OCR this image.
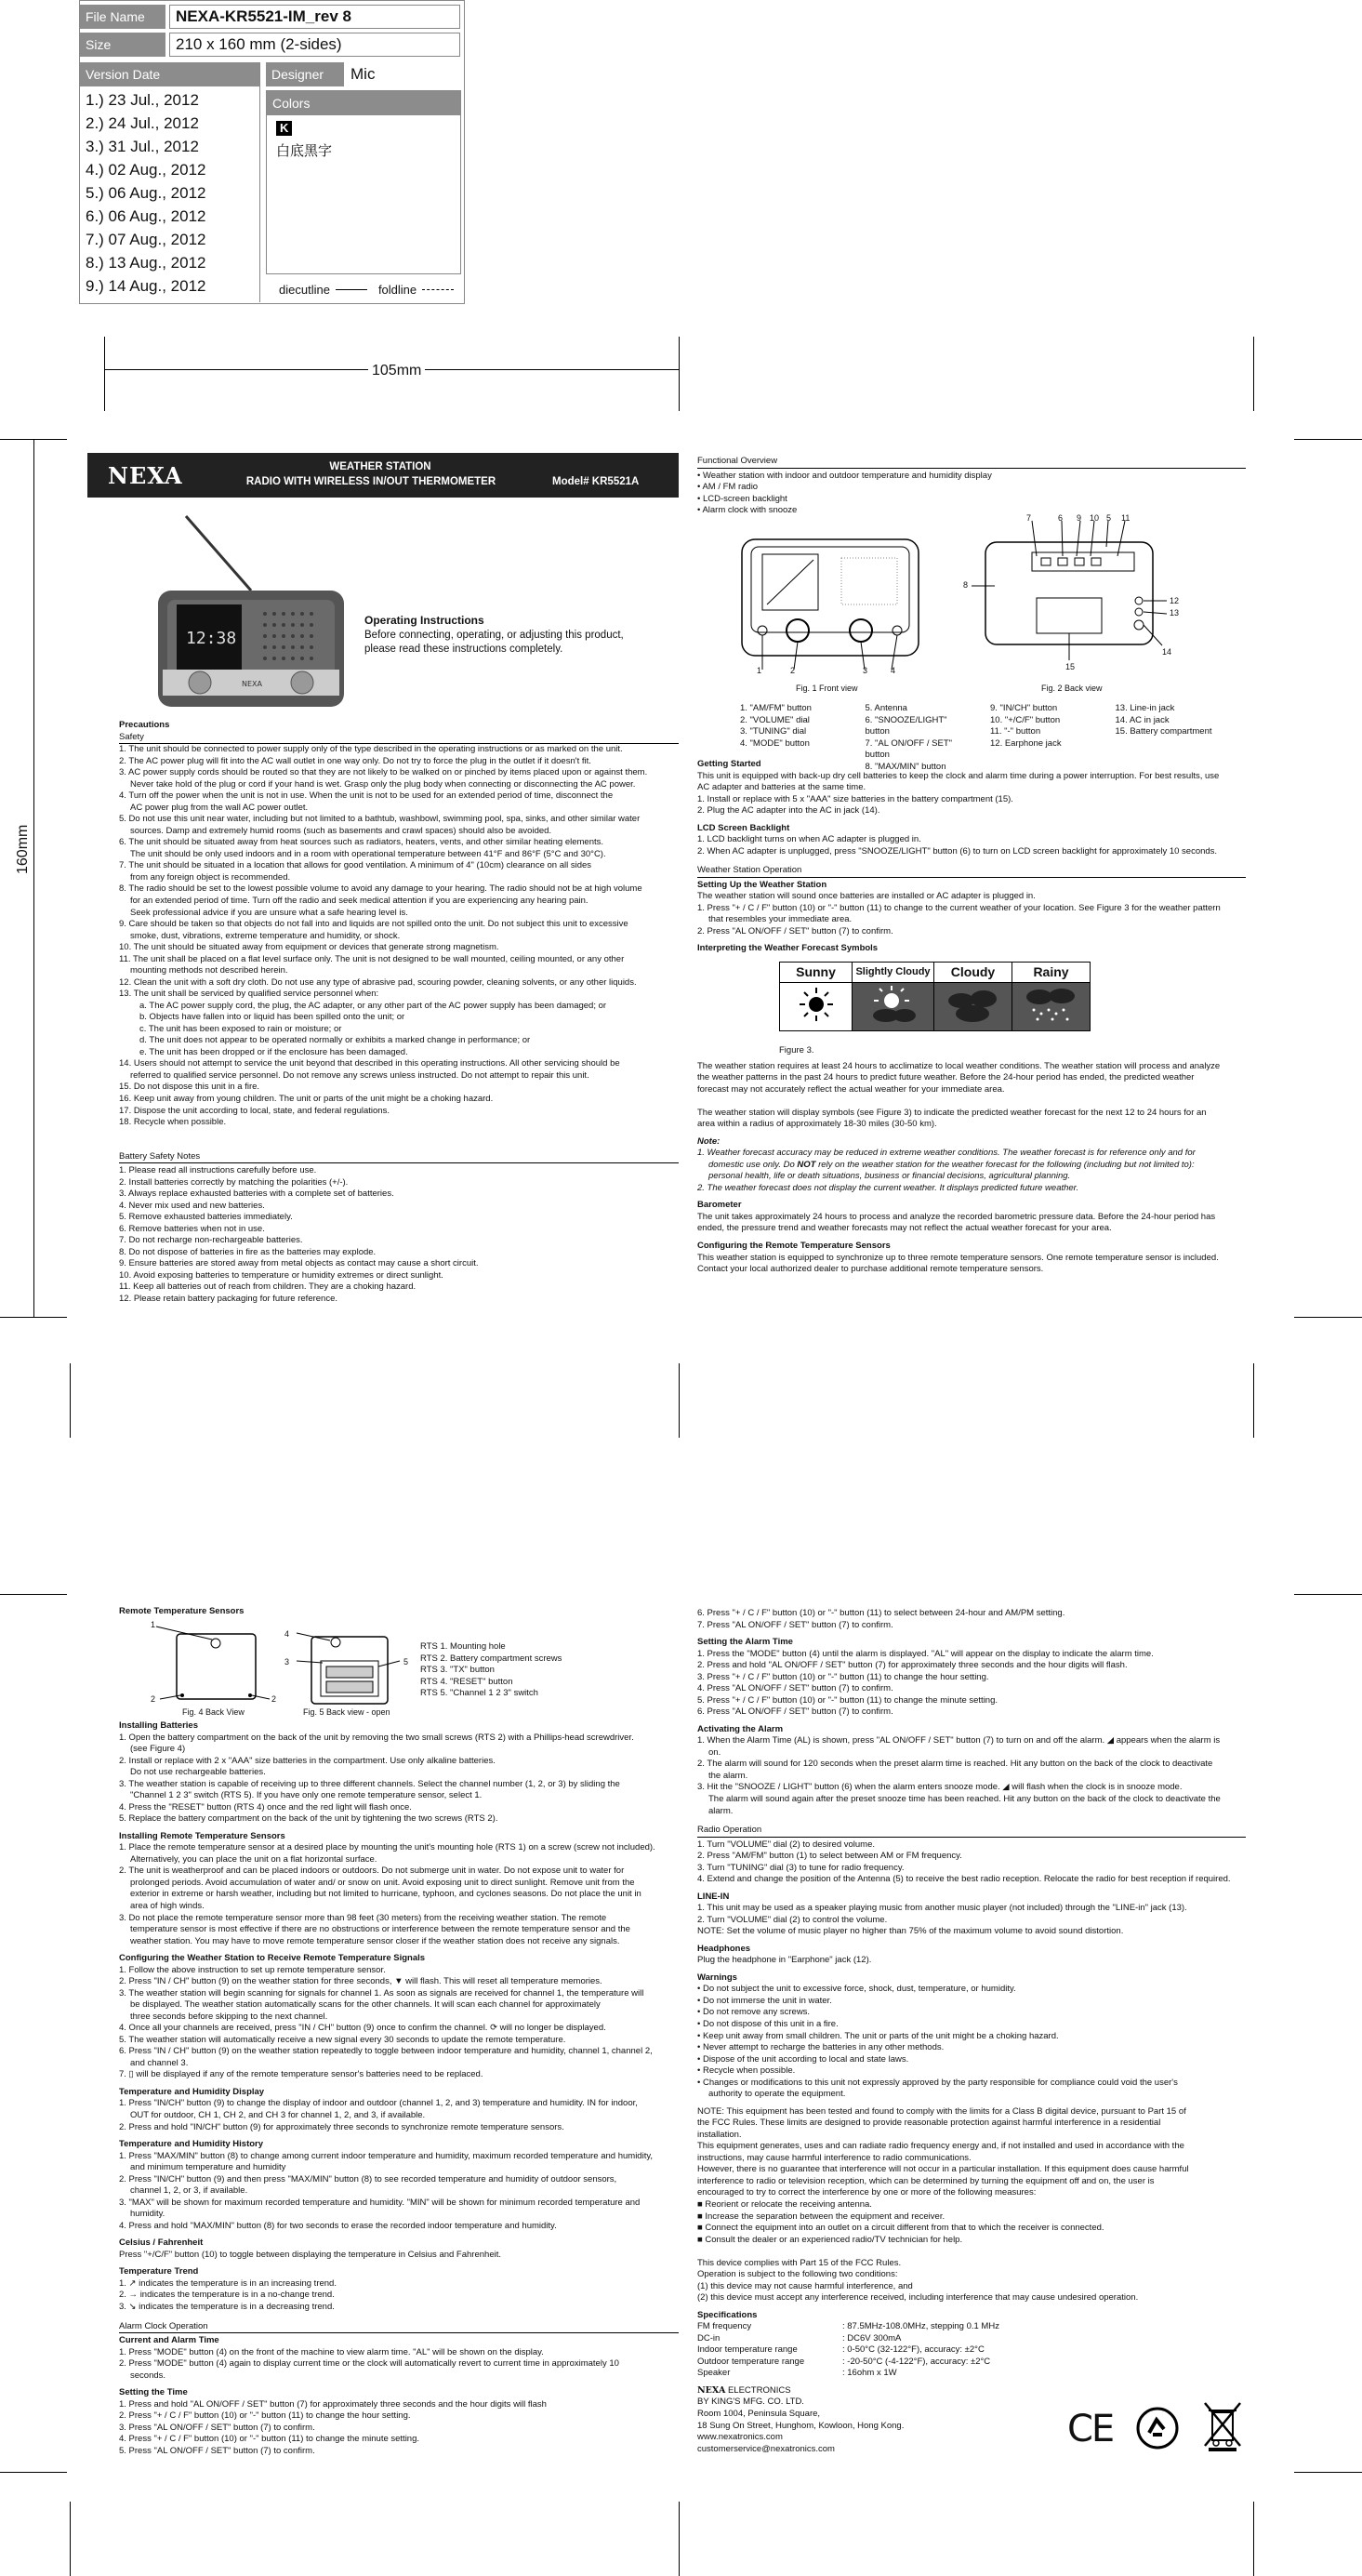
File Name	NEXA-KR5521-IM_rev 8
Size	210 x 160 mm (2-sides)
Version Date
1.) 23 Jul., 2012
2.) 24 Jul., 2012
3.) 31 Jul., 2012
4.) 02 Aug., 2012
5.) 06 Aug., 2012
6.) 06 Aug., 2012
7.) 07 Aug., 2012
8.) 13 Aug., 2012
9.) 14 Aug., 2012
Designer	Mic
Colors
K
白底黑字
diecutline	foldline
105mm
160mm
NEXA	WEATHER STATION
RADIO WITH WIRELESS IN/OUT THERMOMETER	Model# KR5521A
12:38
NEXA
Operating Instructions
Before connecting, operating, or adjusting this product,
please read these instructions completely.
Precautions
Safety
1. The unit should be connected to power supply only of the type described in the operating instructions or as marked on the unit.
2. The AC power plug will fit into the AC wall outlet in one way only. Do not try to force the plug in the outlet if it doesn't fit.
3. AC power supply cords should be routed so that they are not likely to be walked on or pinched by items placed upon or against them.
Never take hold of the plug or cord if your hand is wet. Grasp only the plug body when connecting or disconnecting the AC power.
4. Turn off the power when the unit is not in use. When the unit is not to be used for an extended period of time, disconnect the
AC power plug from the wall AC power outlet.
5. Do not use this unit near water, including but not limited to a bathtub, washbowl, swimming pool, spa, sinks, and other similar water
sources. Damp and extremely humid rooms (such as basements and crawl spaces) should also be avoided.
6. The unit should be situated away from heat sources such as radiators, heaters, vents, and other similar heating elements.
The unit should be only used indoors and in a room with operational temperature between 41°F and 86°F (5°C and 30°C).
7. The unit should be situated in a location that allows for good ventilation. A minimum of 4" (10cm) clearance on all sides
from any foreign object is recommended.
8. The radio should be set to the lowest possible volume to avoid any damage to your hearing. The radio should not be at high volume
for an extended period of time. Turn off the radio and seek medical attention if you are experiencing any hearing pain.
Seek professional advice if you are unsure what a safe hearing level is.
9. Care should be taken so that objects do not fall into and liquids are not spilled onto the unit. Do not subject this unit to excessive
smoke, dust, vibrations, extreme temperature and humidity, or shock.
10. The unit should be situated away from equipment or devices that generate strong magnetism.
11. The unit shall be placed on a flat level surface only. The unit is not designed to be wall mounted, ceiling mounted, or any other
mounting methods not described herein.
12. Clean the unit with a soft dry cloth. Do not use any type of abrasive pad, scouring powder, cleaning solvents, or any other liquids.
13. The unit shall be serviced by qualified service personnel when:
a. The AC power supply cord, the plug, the AC adapter, or any other part of the AC power supply has been damaged; or
b. Objects have fallen into or liquid has been spilled onto the unit; or
c. The unit has been exposed to rain or moisture; or
d. The unit does not appear to be operated normally or exhibits a marked change in performance; or
e. The unit has been dropped or if the enclosure has been damaged.
14. Users should not attempt to service the unit beyond that described in this operating instructions. All other servicing should be
referred to qualified service personnel. Do not remove any screws unless instructed. Do not attempt to repair this unit.
15. Do not dispose this unit in a fire.
16. Keep unit away from young children. The unit or parts of the unit might be a choking hazard.
17. Dispose the unit according to local, state, and federal regulations.
18. Recycle when possible.
Battery Safety Notes
1. Please read all instructions carefully before use.
2. Install batteries correctly by matching the polarities (+/-).
3. Always replace exhausted batteries with a complete set of batteries.
4. Never mix used and new batteries.
5. Remove exhausted batteries immediately.
6. Remove batteries when not in use.
7. Do not recharge non-rechargeable batteries.
8. Do not dispose of batteries in fire as the batteries may explode.
9. Ensure batteries are stored away from metal objects as contact may cause a short circuit.
10. Avoid exposing batteries to temperature or humidity extremes or direct sunlight.
11. Keep all batteries out of reach from children. They are a choking hazard.
12. Please retain battery packaging for future reference.
Functional Overview
• Weather station with indoor and outdoor temperature and humidity display
• AM / FM radio
• LCD-screen backlight
• Alarm clock with snooze
1	2	3	4
Fig. 1 Front view
7	6 9 10 5 11
8
12
13
14
15
Fig. 2 Back view
1. "AM/FM" button
2. "VOLUME" dial
3. "TUNING" dial
4. "MODE" button
5. Antenna
6. "SNOOZE/LIGHT" button
7. "AL ON/OFF / SET" button
8. "MAX/MIN" button
9. "IN/CH" button
10. "+/C/F" button
11. "-" button
12. Earphone jack
13. Line-in jack
14. AC in jack
15. Battery compartment
Getting Started
This unit is equipped with back-up dry cell batteries to keep the clock and alarm time during a power interruption. For best results, use
AC adapter and batteries at the same time.
1. Install or replace with 5 x "AAA" size batteries in the battery compartment (15).
2. Plug the AC adapter into the AC in jack (14).
LCD Screen Backlight
1. LCD backlight turns on when AC adapter is plugged in.
2. When AC adapter is unplugged, press "SNOOZE/LIGHT" button (6) to turn on LCD screen backlight for approximately 10 seconds.
Weather Station Operation
Setting Up the Weather Station
The weather station will sound once batteries are installed or AC adapter is plugged in.
1. Press "+ / C / F" button (10) or "-" button (11) to change to the current weather of your location. See Figure 3 for the weather pattern
that resembles your immediate area.
2. Press "AL ON/OFF / SET" button (7) to confirm.
Interpreting the Weather Forecast Symbols
Sunny	Slightly Cloudy	Cloudy	Rainy

Figure 3.
The weather station requires at least 24 hours to acclimatize to local weather conditions. The weather station will process and analyze
the weather patterns in the past 24 hours to predict future weather. Before the 24-hour period has ended, the predicted weather
forecast may not accurately reflect the actual weather for your immediate area.

The weather station will display symbols (see Figure 3) to indicate the predicted weather forecast for the next 12 to 24 hours for an
area within a radius of approximately 18-30 miles (30-50 km).
Note:
1. Weather forecast accuracy may be reduced in extreme weather conditions. The weather forecast is for reference only and for
domestic use only. Do NOT rely on the weather station for the weather forecast for the following (including but not limited to):
personal health, life or death situations, business or financial decisions, agricultural planning.
2. The weather forecast does not display the current weather. It displays predicted future weather.
Barometer
The unit takes approximately 24 hours to process and analyze the recorded barometric pressure data. Before the 24-hour period has
ended, the pressure trend and weather forecasts may not reflect the actual weather forecast for your area.
Configuring the Remote Temperature Sensors
This weather station is equipped to synchronize up to three remote temperature sensors. One remote temperature sensor is included.
Contact your local authorized dealer to purchase additional remote temperature sensors.
Remote Temperature Sensors
1
2	2
Fig. 4 Back View
4
3	5
Fig. 5 Back view - open
RTS 1. Mounting hole
RTS 2. Battery compartment screws
RTS 3. "TX" button
RTS 4. "RESET" button
RTS 5. "Channel 1 2 3" switch
Installing Batteries
1. Open the battery compartment on the back of the unit by removing the two small screws (RTS 2) with a Phillips-head screwdriver.
(see Figure 4)
2. Install or replace with 2 x "AAA" size batteries in the compartment. Use only alkaline batteries.
Do not use rechargeable batteries.
3. The weather station is capable of receiving up to three different channels. Select the channel number (1, 2, or 3) by sliding the
"Channel 1 2 3" switch (RTS 5). If you have only one remote temperature sensor, select 1.
4. Press the "RESET" button (RTS 4) once and the red light will flash once.
5. Replace the battery compartment on the back of the unit by tightening the two screws (RTS 2).
Installing Remote Temperature Sensors
1. Place the remote temperature sensor at a desired place by mounting the unit's mounting hole (RTS 1) on a screw (screw not included).
Alternatively, you can place the unit on a flat horizontal surface.
2. The unit is weatherproof and can be placed indoors or outdoors. Do not submerge unit in water. Do not expose unit to water for
prolonged periods. Avoid accumulation of water and/ or snow on unit. Avoid exposing unit to direct sunlight. Remove unit from the
exterior in extreme or harsh weather, including but not limited to hurricane, typhoon, and cyclones seasons. Do not place the unit in
area of high winds.
3. Do not place the remote temperature sensor more than 98 feet (30 meters) from the receiving weather station. The remote
temperature sensor is most effective if there are no obstructions or interference between the remote temperature sensor and the
weather station. You may have to move remote temperature sensor closer if the weather station does not receive any signals.
Configuring the Weather Station to Receive Remote Temperature Signals
1. Follow the above instruction to set up remote temperature sensor.
2. Press "IN / CH" button (9) on the weather station for three seconds, ▼ will flash. This will reset all temperature memories.
3. The weather station will begin scanning for signals for channel 1. As soon as signals are received for channel 1, the temperature will
be displayed. The weather station automatically scans for the other channels. It will scan each channel for approximately
three seconds before skipping to the next channel.
4. Once all your channels are received, press "IN / CH" button (9) once to confirm the channel. ⟳ will no longer be displayed.
5. The weather station will automatically receive a new signal every 30 seconds to update the remote temperature.
6. Press "IN / CH" button (9) on the weather station repeatedly to toggle between indoor temperature and humidity, channel 1, channel 2,
and channel 3.
7. ▯ will be displayed if any of the remote temperature sensor's batteries need to be replaced.
Temperature and Humidity Display
1. Press "IN/CH" button (9) to change the display of indoor and outdoor (channel 1, 2, and 3) temperature and humidity. IN for indoor,
OUT for outdoor, CH 1, CH 2, and CH 3 for channel 1, 2, and 3, if available.
2. Press and hold "IN/CH" button (9) for approximately three seconds to synchronize remote temperature sensors.
Temperature and Humidity History
1. Press "MAX/MIN" button (8) to change among current indoor temperature and humidity, maximum recorded temperature and humidity,
and minimum temperature and humidity
2. Press "IN/CH" button (9) and then press "MAX/MIN" button (8) to see recorded temperature and humidity of outdoor sensors,
channel 1, 2, or 3, if available.
3. "MAX" will be shown for maximum recorded temperature and humidity. "MIN" will be shown for minimum recorded temperature and
humidity.
4. Press and hold "MAX/MIN" button (8) for two seconds to erase the recorded indoor temperature and humidity.
Celsius / Fahrenheit
Press "+/C/F" button (10) to toggle between displaying the temperature in Celsius and Fahrenheit.
Temperature Trend
1. ↗ indicates the temperature is in an increasing trend.
2. → indicates the temperature is in a no-change trend.
3. ↘ indicates the temperature is in a decreasing trend.
Alarm Clock Operation
Current and Alarm Time
1. Press "MODE" button (4) on the front of the machine to view alarm time. "AL" will be shown on the display.
2. Press "MODE" button (4) again to display current time or the clock will automatically revert to current time in approximately 10
seconds.
Setting the Time
1. Press and hold "AL ON/OFF / SET" button (7) for approximately three seconds and the hour digits will flash
2. Press "+ / C / F" button (10) or "-" button (11) to change the hour setting.
3. Press "AL ON/OFF / SET" button (7) to confirm.
4. Press "+ / C / F" button (10) or "-" button (11) to change the minute setting.
5. Press "AL ON/OFF / SET" button (7) to confirm.
6. Press "+ / C / F" button (10) or "-" button (11) to select between 24-hour and AM/PM setting.
7. Press "AL ON/OFF / SET" button (7) to confirm.
Setting the Alarm Time
1. Press the "MODE" button (4) until the alarm is displayed. "AL" will appear on the display to indicate the alarm time.
2. Press and hold "AL ON/OFF / SET" button (7) for approximately three seconds and the hour digits will flash.
3. Press "+ / C / F" button (10) or "-" button (11) to change the hour setting.
4. Press "AL ON/OFF / SET" button (7) to confirm.
5. Press "+ / C / F" button (10) or "-" button (11) to change the minute setting.
6. Press "AL ON/OFF / SET" button (7) to confirm.
Activating the Alarm
1. When the Alarm Time (AL) is shown, press "AL ON/OFF / SET" button (7) to turn on and off the alarm. ◢ appears when the alarm is
on.
2. The alarm will sound for 120 seconds when the preset alarm time is reached. Hit any button on the back of the clock to deactivate
the alarm.
3. Hit the "SNOOZE / LIGHT" button (6) when the alarm enters snooze mode. ◢ will flash when the clock is in snooze mode.
The alarm will sound again after the preset snooze time has been reached. Hit any button on the back of the clock to deactivate the
alarm.
Radio Operation
1. Turn "VOLUME" dial (2) to desired volume.
2. Press "AM/FM" button (1) to select between AM or FM frequency.
3. Turn "TUNING" dial (3) to tune for radio frequency.
4. Extend and change the position of the Antenna (5) to receive the best radio reception. Relocate the radio for best reception if required.
LINE-IN
1. This unit may be used as a speaker playing music from another music player (not included) through the "LINE-in" jack (13).
2. Turn "VOLUME" dial (2) to control the volume.
NOTE: Set the volume of music player no higher than 75% of the maximum volume to avoid sound distortion.
Headphones
Plug the headphone in "Earphone" jack (12).
Warnings
• Do not subject the unit to excessive force, shock, dust, temperature, or humidity.
• Do not immerse the unit in water.
• Do not remove any screws.
• Do not dispose of this unit in a fire.
• Keep unit away from small children. The unit or parts of the unit might be a choking hazard.
• Never attempt to recharge the batteries in any other methods.
• Dispose of the unit according to local and state laws.
• Recycle when possible.
• Changes or modifications to this unit not expressly approved by the party responsible for compliance could void the user's
authority to operate the equipment.
NOTE: This equipment has been tested and found to comply with the limits for a Class B digital device, pursuant to Part 15 of
the FCC Rules. These limits are designed to provide reasonable protection against harmful interference in a residential
installation.
This equipment generates, uses and can radiate radio frequency energy and, if not installed and used in accordance with the
instructions, may cause harmful interference to radio communications.
However, there is no guarantee that interference will not occur in a particular installation. If this equipment does cause harmful
interference to radio or television reception, which can be determined by turning the equipment off and on, the user is
encouraged to try to correct the interference by one or more of the following measures:
■ Reorient or relocate the receiving antenna.
■ Increase the separation between the equipment and receiver.
■ Connect the equipment into an outlet on a circuit different from that to which the receiver is connected.
■ Consult the dealer or an experienced radio/TV technician for help.

This device complies with Part 15 of the FCC Rules.
Operation is subject to the following two conditions:
(1) this device may not cause harmful interference, and
(2) this device must accept any interference received, including interference that may cause undesired operation.
Specifications
FM frequency	: 87.5MHz-108.0MHz, stepping 0.1 MHz
DC-in	: DC6V 300mA
Indoor temperature range	: 0-50°C (32-122°F), accuracy: ±2°C
Outdoor temperature range	: -20-50°C (-4-122°F), accuracy: ±2°C
Speaker	: 16ohm x 1W
NEXA ELECTRONICS
BY KING'S MFG. CO. LTD.
Room 1004, Peninsula Square,
18 Sung On Street, Hunghom, Kowloon, Hong Kong.
www.nexatronics.com
customerservice@nexatronics.com	CE
